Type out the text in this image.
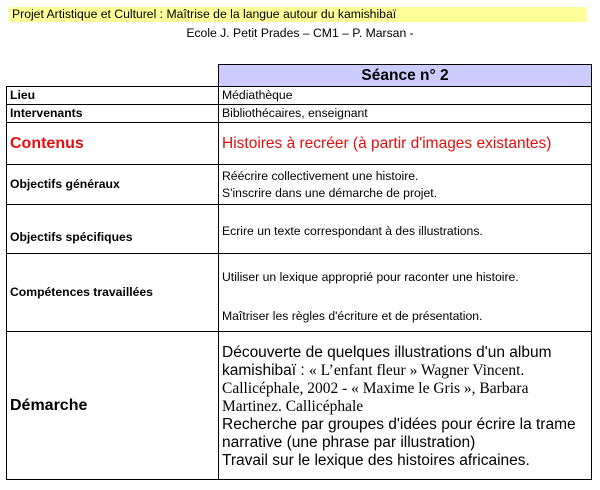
Projet Artistique et Culturel : Maîtrise de la langue autour du kamishibaï
Ecole J. Petit Prades – CM1 – P. Marsan -
	Séance n° 2
Lieu	Médiathèque
Intervenants	Bibliothécaires, enseignant
Contenus	Histoires à recréer (à partir d'images existantes)
Objectifs généraux	Réécrire collectivement une histoire.
S'inscrire dans une démarche de projet.

Objectifs spécifiques	Ecrire un texte correspondant à des illustrations.
Compétences travaillées	Utiliser un lexique approprié pour raconter une histoire.
Maîtriser les règles d'écriture et de présentation.

Démarche	Découverte de quelques illustrations d'un album kamishibaï : « L’enfant fleur » Wagner Vincent. Callicéphale, 2002 - « Maxime le Gris », Barbara Martinez. Callicéphale
Recherche par groupes d'idées pour écrire la trame narrative (une phrase par illustration)
Travail sur le lexique des histoires africaines.
